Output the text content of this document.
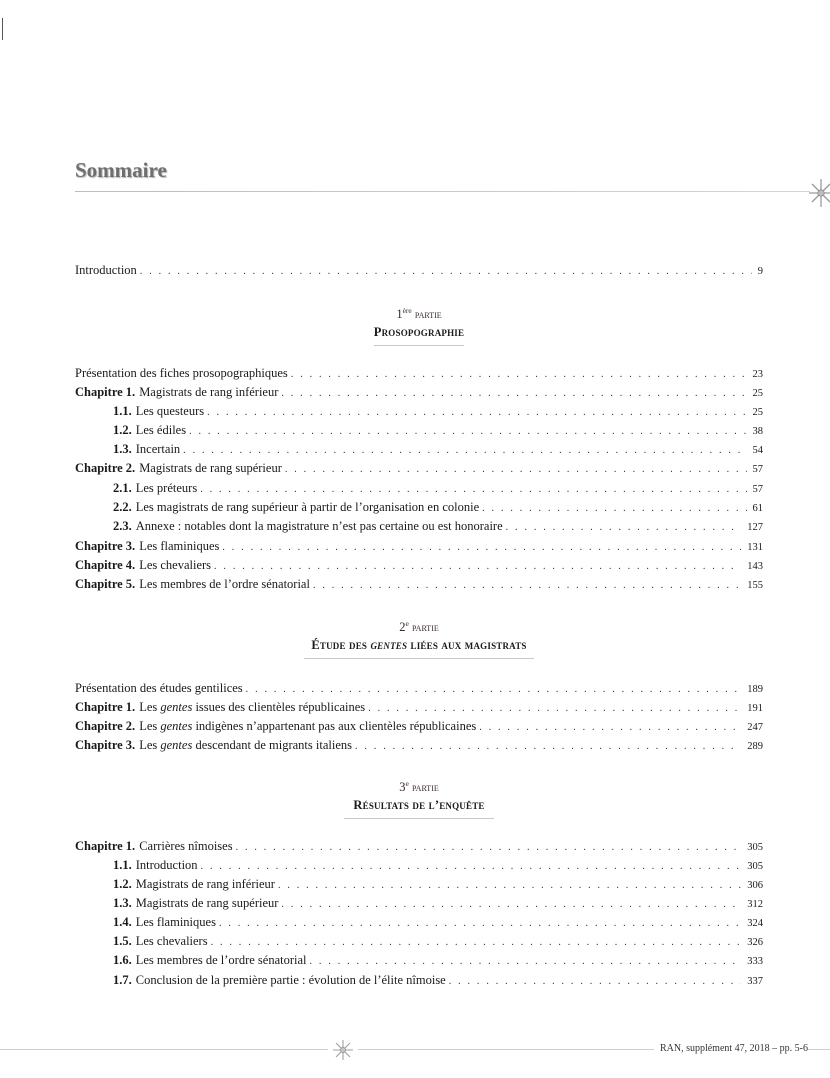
Sommaire
Introduction . . .	9
1ère partie
Prosopographie
Présentation des fiches prosopographiques . . .	23
Chapitre 1. Magistrats de rang inférieur . . .	25
1.1. Les questeurs . . .	25
1.2. Les édiles . . .	38
1.3. Incertain . . .	54
Chapitre 2. Magistrats de rang supérieur . . .	57
2.1. Les préteurs . . .	57
2.2. Les magistrats de rang supérieur à partir de l’organisation en colonie . . .	61
2.3. Annexe : notables dont la magistrature n’est pas certaine ou est honoraire . . .	127
Chapitre 3. Les flaminiques . . .	131
Chapitre 4. Les chevaliers . . .	143
Chapitre 5. Les membres de l’ordre sénatorial . . .	155
2e partie
Étude des gentes liées aux magistrats
Présentation des études gentilices . . .	189
Chapitre 1. Les gentes issues des clientèles républicaines . . .	191
Chapitre 2. Les gentes indigènes n’appartenant pas aux clientèles républicaines . . .	247
Chapitre 3. Les gentes descendant de migrants italiens . . .	289
3e partie
Résultats de l’enquête
Chapitre 1. Carrières nîmoises . . .	305
1.1. Introduction . . .	305
1.2. Magistrats de rang inférieur . . .	306
1.3. Magistrats de rang supérieur . . .	312
1.4. Les flaminiques . . .	324
1.5. Les chevaliers . . .	326
1.6. Les membres de l’ordre sénatorial . . .	333
1.7. Conclusion de la première partie : évolution de l’élite nîmoise . . .	337
RAN, supplément 47, 2018 – pp. 5-6
